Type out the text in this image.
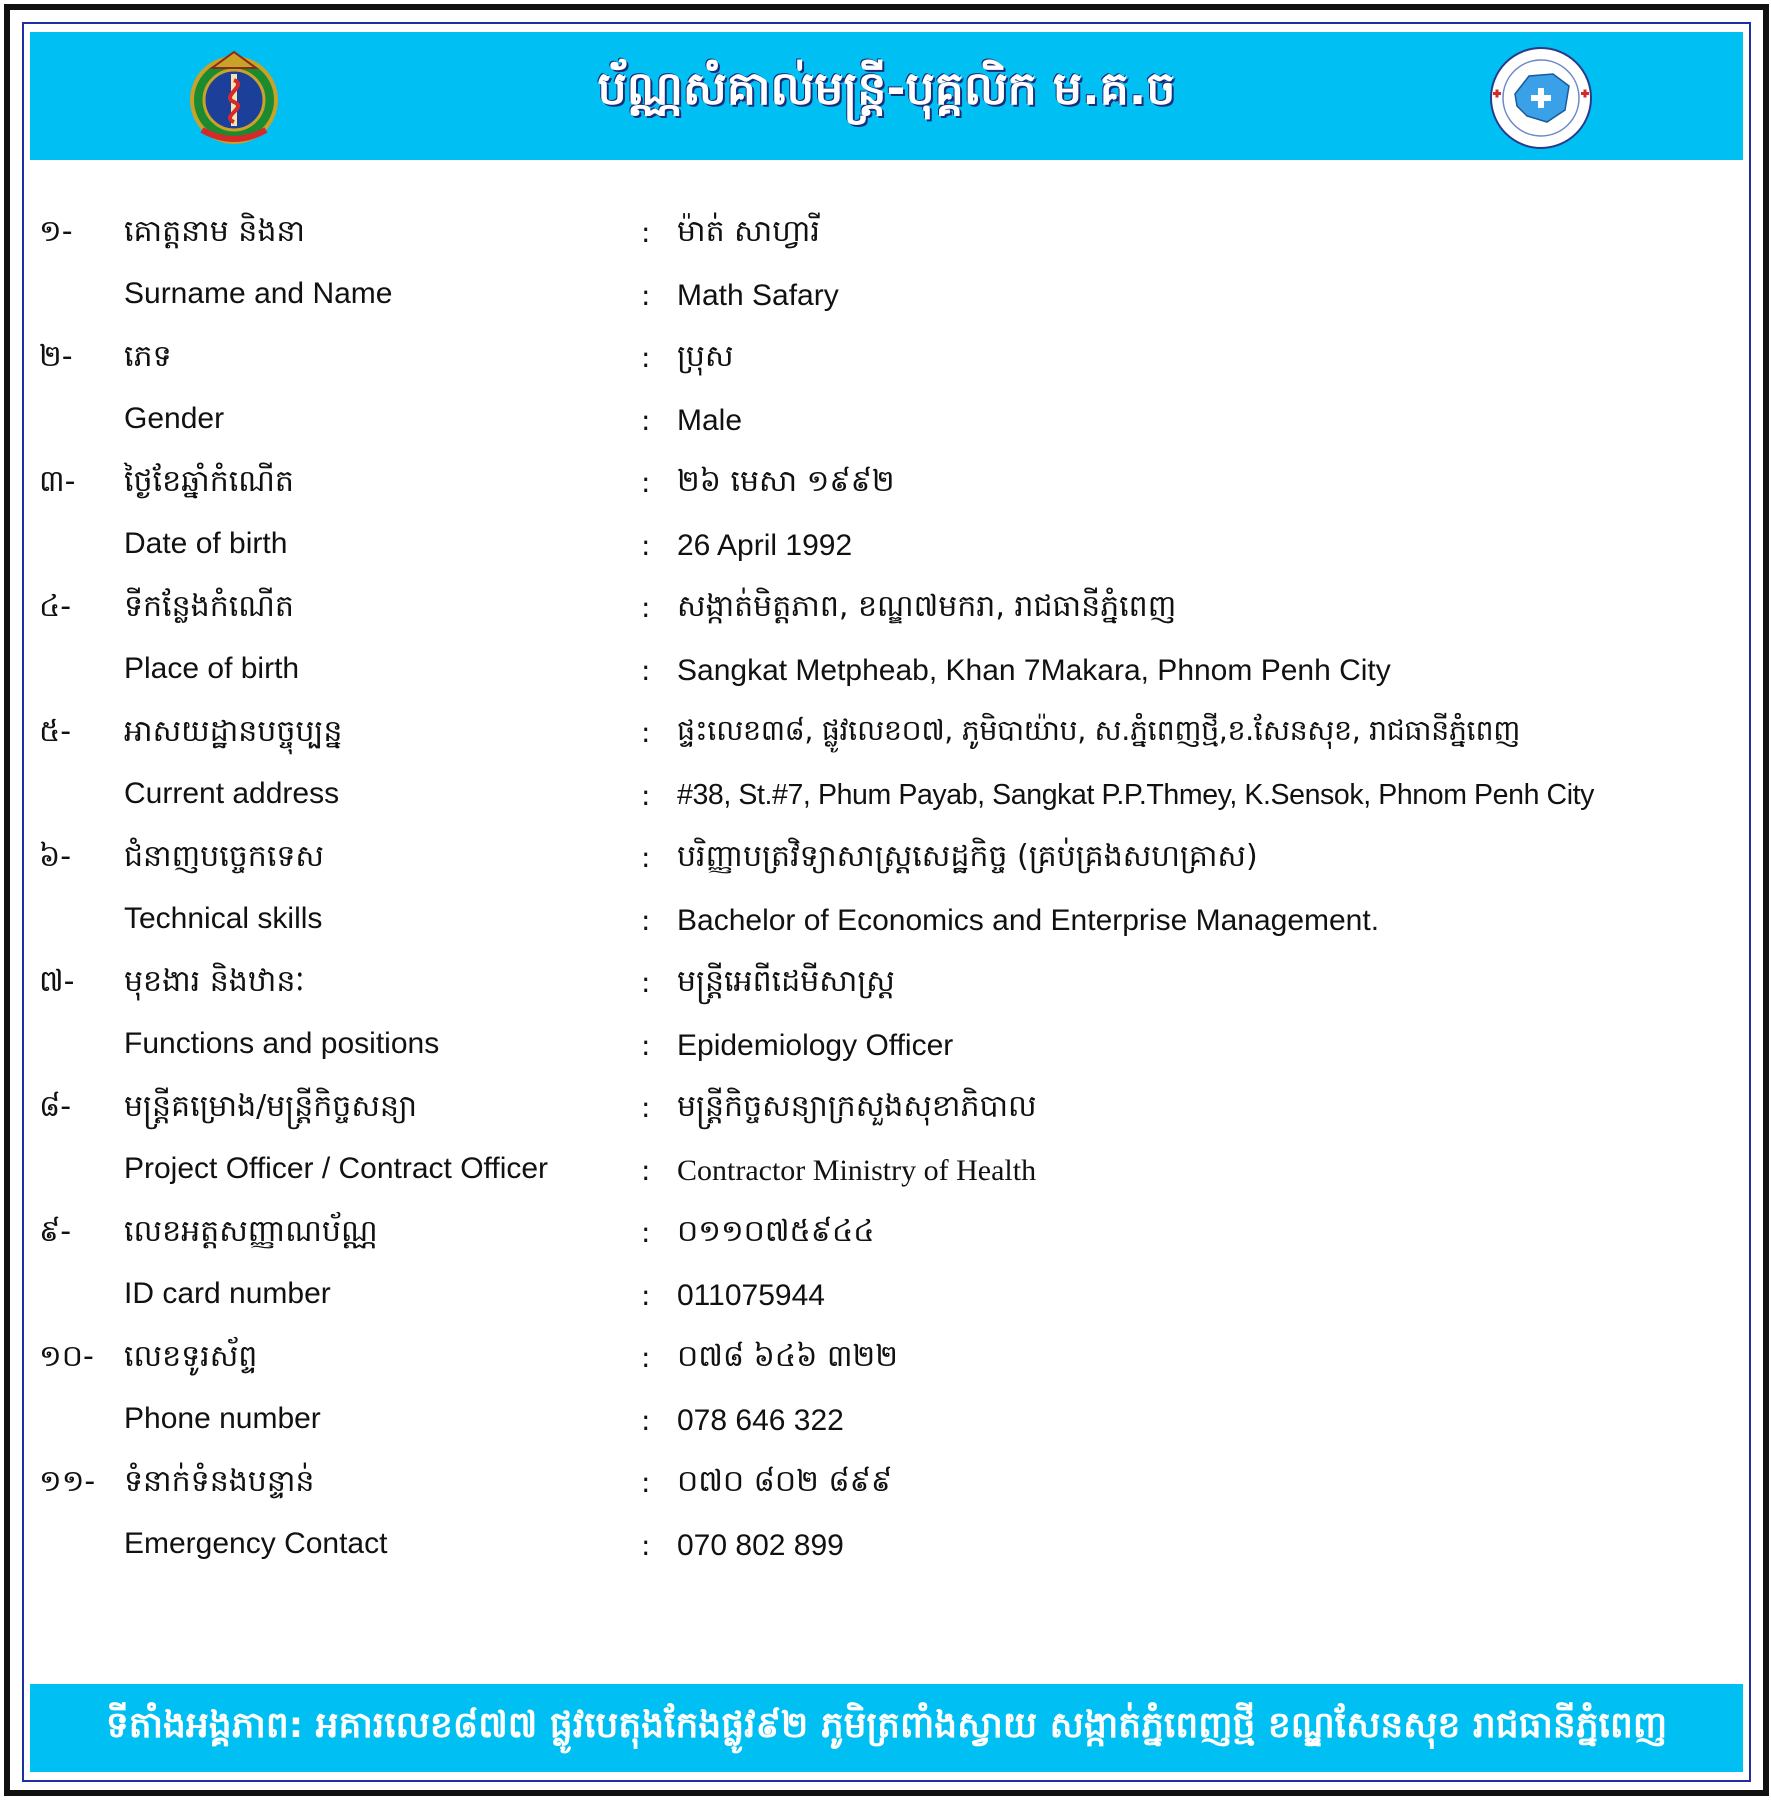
ប័ណ្ណសំគាល់មន្ត្រី-បុគ្គលិក ម.គ.ច
១- គោត្តនាម និងនា	: ម៉ាត់ សាហ្វារី
Surname and Name	: Math Safary
២- ភេទ	: ប្រុស
Gender	: Male
៣- ថ្ងៃខែឆ្នាំកំណើត	: ២៦ មេសា ១៩៩២
Date of birth	: 26 April 1992
៤- ទីកន្លែងកំណើត	: សង្កាត់មិត្តភាព, ខណ្ឌ៧មករា, រាជធានីភ្នំពេញ
Place of birth	: Sangkat Metpheab, Khan 7Makara, Phnom Penh City
៥- អាសយដ្ឋានបច្ចុប្បន្ន	: ផ្ទះលេខ៣៨, ផ្លូវលេខ០៧, ភូមិបាយ៉ាប, ស.ភ្នំពេញថ្មី,ខ.សែនសុខ, រាជធានីភ្នំពេញ
Current address	: #38, St.#7, Phum Payab, Sangkat P.P.Thmey, K.Sensok, Phnom Penh City
៦- ជំនាញបច្ចេកទេស	: បរិញ្ញាបត្រវិទ្យាសាស្ត្រសេដ្ឋកិច្ច (គ្រប់គ្រងសហគ្រាស)
Technical skills	: Bachelor of Economics and Enterprise Management.
៧- មុខងារ និងឋានៈ	: មន្ត្រីអេពីដេមីសាស្ត្រ
Functions and positions	: Epidemiology Officer
៨- មន្ត្រីគម្រោង/មន្ត្រីកិច្ចសន្យា	: មន្ត្រីកិច្ចសន្យាក្រសួងសុខាភិបាល
Project Officer / Contract Officer	: Contractor Ministry of Health
៩- លេខអត្តសញ្ញាណប័ណ្ណ	: ០១១០៧៥៩៤៤
ID card number	: 011075944
១០- លេខទូរស័ព្ទ	: ០៧៨ ៦៤៦ ៣២២
Phone number	: 078 646 322
១១- ទំនាក់ទំនងបន្ទាន់	: ០៧០ ៨០២ ៨៩៩
Emergency Contact	: 070 802 899
ទីតាំងអង្គភាព: អគារលេខ៨៧៧ ផ្លូវបេតុងកែងផ្លូវ៩២ ភូមិត្រពាំងស្វាយ សង្កាត់ភ្នំពេញថ្មី ខណ្ឌសែនសុខ រាជធានីភ្នំពេញ
